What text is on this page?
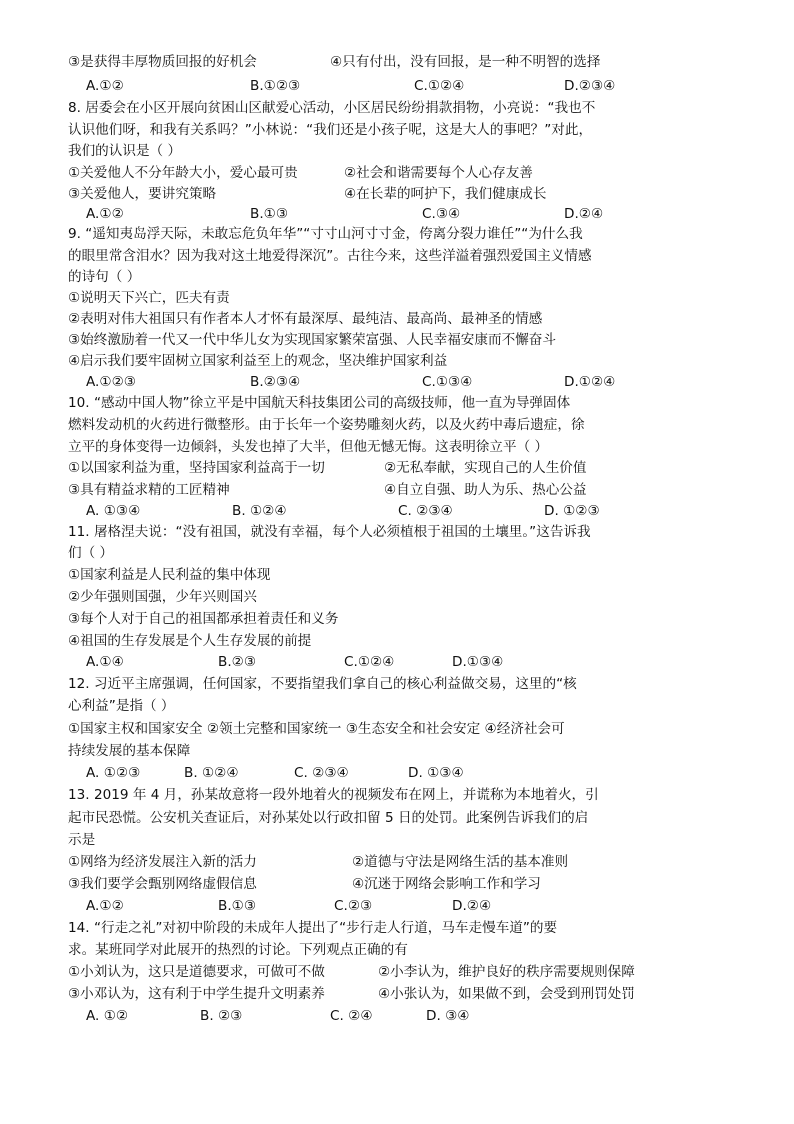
③是获得丰厚物质回报的好机会	④只有付出，没有回报，是一种不明智的选择
A.①②	B.①②③	C.①②④	D.②③④
8. 居委会在小区开展向贫困山区献爱心活动，小区居民纷纷捐款捐物，小亮说：“我也不
认识他们呀，和我有关系吗？”小林说：“我们还是小孩子呢，这是大人的事吧？”对此，
我们的认识是（ ）
①关爱他人不分年龄大小，爱心最可贵	②社会和谐需要每个人心存友善
③关爱他人，要讲究策略	④在长辈的呵护下，我们健康成长
A.①②	B.①③	C.③④	D.②④
9. “遥知夷岛浮天际，未敢忘危负年华”“寸寸山河寸寸金，侉离分裂力谁任”“为什么我
的眼里常含泪水？因为我对这土地爱得深沉”。古往今来，这些洋溢着强烈爱国主义情感
的诗句（ ）
①说明天下兴亡，匹夫有责
②表明对伟大祖国只有作者本人才怀有最深厚、最纯洁、最高尚、最神圣的情感
③始终激励着一代又一代中华儿女为实现国家繁荣富强、人民幸福安康而不懈奋斗
④启示我们要牢固树立国家利益至上的观念，坚决维护国家利益
A.①②③	B.②③④	C.①③④	D.①②④
10. “感动中国人物”徐立平是中国航天科技集团公司的高级技师，他一直为导弹固体
燃料发动机的火药进行微整形。由于长年一个姿势雕刻火药，以及火药中毒后遗症，徐
立平的身体变得一边倾斜，头发也掉了大半，但他无憾无悔。这表明徐立平（ ）
①以国家利益为重，坚持国家利益高于一切	②无私奉献，实现自己的人生价值
③具有精益求精的工匠精神	④自立自强、助人为乐、热心公益
A. ①③④	B. ①②④	C. ②③④	D. ①②③
11. 屠格涅夫说：“没有祖国，就没有幸福，每个人必须植根于祖国的土壤里。”这告诉我
们（ ）
①国家利益是人民利益的集中体现
②少年强则国强，少年兴则国兴
③每个人对于自己的祖国都承担着责任和义务
④祖国的生存发展是个人生存发展的前提
A.①④	B.②③	C.①②④	D.①③④
12. 习近平主席强调，任何国家，不要指望我们拿自己的核心利益做交易，这里的“核
心利益”是指（ ）
①国家主权和国家安全 ②领土完整和国家统一 ③生态安全和社会安定 ④经济社会可
持续发展的基本保障
A. ①②③	B. ①②④	C. ②③④	D. ①③④
13. 2019 年 4 月，孙某故意将一段外地着火的视频发布在网上，并谎称为本地着火，引
起市民恐慌。公安机关查证后，对孙某处以行政扣留 5 日的处罚。此案例告诉我们的启
示是
①网络为经济发展注入新的活力	②道德与守法是网络生活的基本准则
③我们要学会甄别网络虚假信息	④沉迷于网络会影响工作和学习
A.①②	B.①③	C.②③	D.②④
14. “行走之礼”对初中阶段的未成年人提出了“步行走人行道，马车走慢车道”的要
求。某班同学对此展开的热烈的讨论。下列观点正确的有
①小刘认为，这只是道德要求，可做可不做	②小李认为，维护良好的秩序需要规则保障
③小邓认为，这有利于中学生提升文明素养	④小张认为，如果做不到，会受到刑罚处罚
A. ①②	B. ②③	C. ②④	D. ③④
